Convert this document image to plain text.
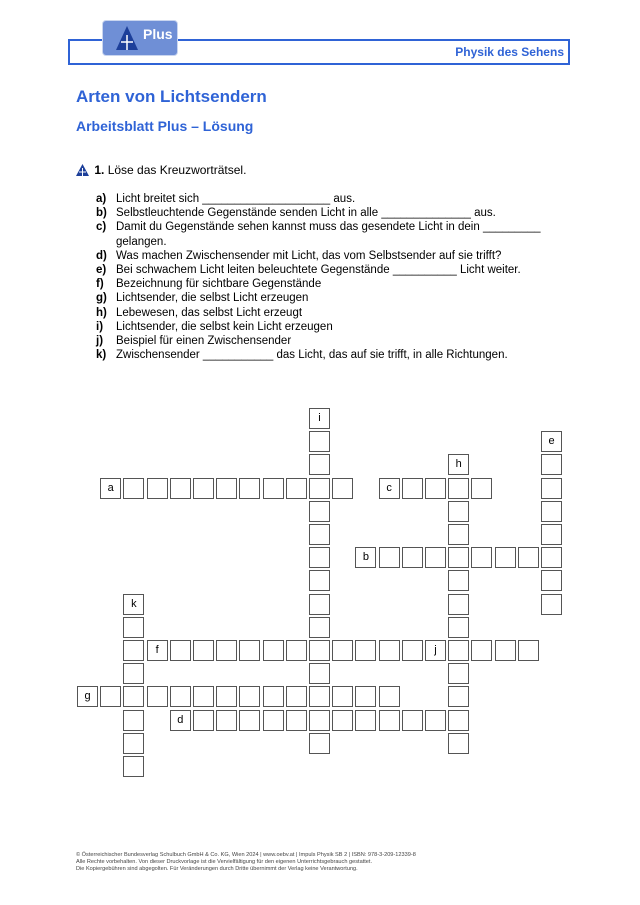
Plus
Physik des Sehens
Arten von Lichtsendern
Arbeitsblatt Plus – Lösung
1. Löse das Kreuzworträtsel.
a) Licht breitet sich ____________________ aus.
b) Selbstleuchtende Gegenstände senden Licht in alle ______________ aus.
c) Damit du Gegenstände sehen kannst muss das gesendete Licht in dein _________ gelangen.
d) Was machen Zwischensender mit Licht, das vom Selbstsender auf sie trifft?
e) Bei schwachem Licht leiten beleuchtete Gegenstände __________ Licht weiter.
f)	Bezeichnung für sichtbare Gegenstände
g) Lichtsender, die selbst Licht erzeugen
h) Lebewesen, das selbst Licht erzeugt
i)	Lichtsender, die selbst kein Licht erzeugen
j)	Beispiel für einen Zwischensender
k) Zwischensender ___________ das Licht, das auf sie trifft, in alle Richtungen.
a
b
c
d
e
f
g
h
i
j
k
© Österreichischer Bundesverlag Schulbuch GmbH & Co. KG, Wien 2024 | www.oebv.at | Impuls Physik SB 2 | ISBN: 978-3-209-12339-8
Alle Rechte vorbehalten. Von dieser Druckvorlage ist die Vervielfältigung für den eigenen Unterrichtsgebrauch gestattet.
Die Kopiergebühren sind abgegolten. Für Veränderungen durch Dritte übernimmt der Verlag keine Verantwortung.
